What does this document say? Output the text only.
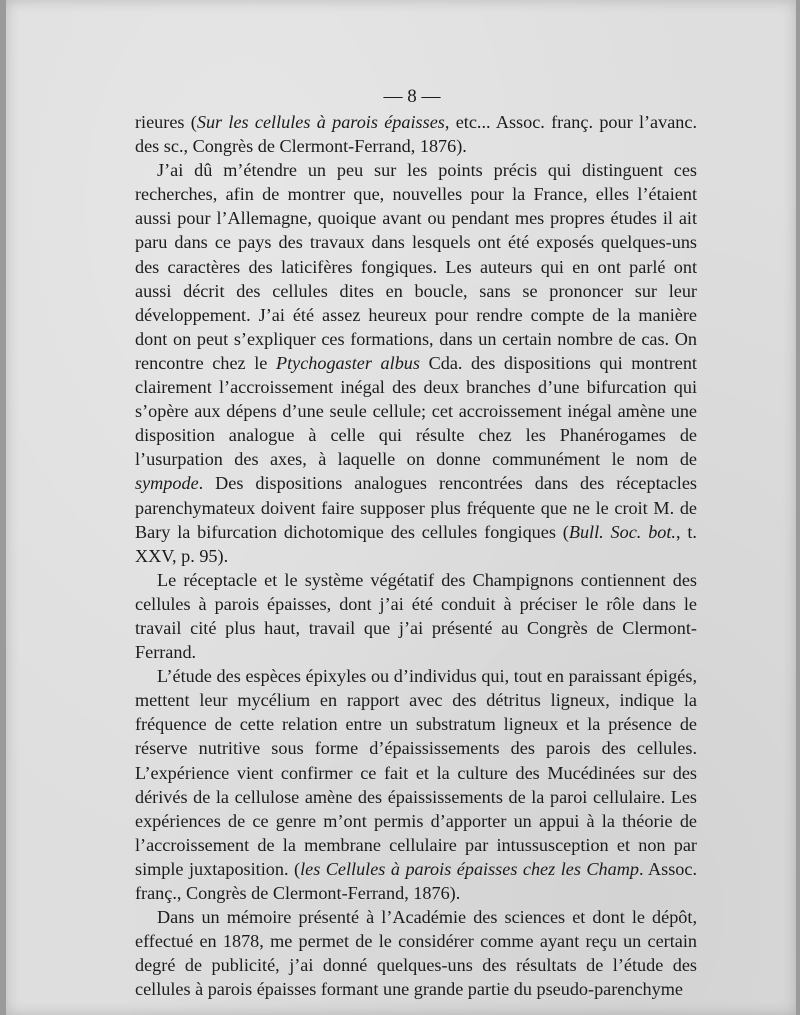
— 8 —

rieures (Sur les cellules à parois épaisses, etc... Assoc. franç. pour l’avanc. des sc., Congrès de Clermont-Ferrand, 1876).

J’ai dû m’étendre un peu sur les points précis qui distinguent ces recherches, afin de montrer que, nouvelles pour la France, elles l’étaient aussi pour l’Allemagne, quoique avant ou pendant mes propres études il ait paru dans ce pays des travaux dans lesquels ont été exposés quelques-uns des caractères des laticifères fongiques. Les auteurs qui en ont parlé ont aussi décrit des cellules dites en boucle, sans se prononcer sur leur développement. J’ai été assez heureux pour rendre compte de la manière dont on peut s’expliquer ces formations, dans un certain nombre de cas. On rencontre chez le Ptychogaster albus Cda. des dispositions qui montrent clairement l’accroissement inégal des deux branches d’une bifurcation qui s’opère aux dépens d’une seule cellule; cet accroissement inégal amène une disposition analogue à celle qui résulte chez les Phanérogames de l’usurpation des axes, à laquelle on donne communément le nom de sympode. Des dispositions analogues rencontrées dans des réceptacles parenchymateux doivent faire supposer plus fréquente que ne le croit M. de Bary la bifurcation dichotomique des cellules fongiques (Bull. Soc. bot., t. XXV, p. 95).

Le réceptacle et le système végétatif des Champignons contiennent des cellules à parois épaisses, dont j’ai été conduit à préciser le rôle dans le travail cité plus haut, travail que j’ai présenté au Congrès de Clermont-Ferrand.

L’étude des espèces épixyles ou d’individus qui, tout en paraissant épigés, mettent leur mycélium en rapport avec des détritus ligneux, indique la fréquence de cette relation entre un substratum ligneux et la présence de réserve nutritive sous forme d’épaississements des parois des cellules. L’expérience vient confirmer ce fait et la culture des Mucédinées sur des dérivés de la cellulose amène des épaississements de la paroi cellulaire. Les expériences de ce genre m’ont permis d’apporter un appui à la théorie de l’accroissement de la membrane cellulaire par intussusception et non par simple juxtaposition. (les Cellules à parois épaisses chez les Champ. Assoc. franç., Congrès de Clermont-Ferrand, 1876).

Dans un mémoire présenté à l’Académie des sciences et dont le dépôt, effectué en 1878, me permet de le considérer comme ayant reçu un certain degré de publicité, j’ai donné quelques-uns des résultats de l’étude des cellules à parois épaisses formant une grande partie du pseudo-parenchyme
